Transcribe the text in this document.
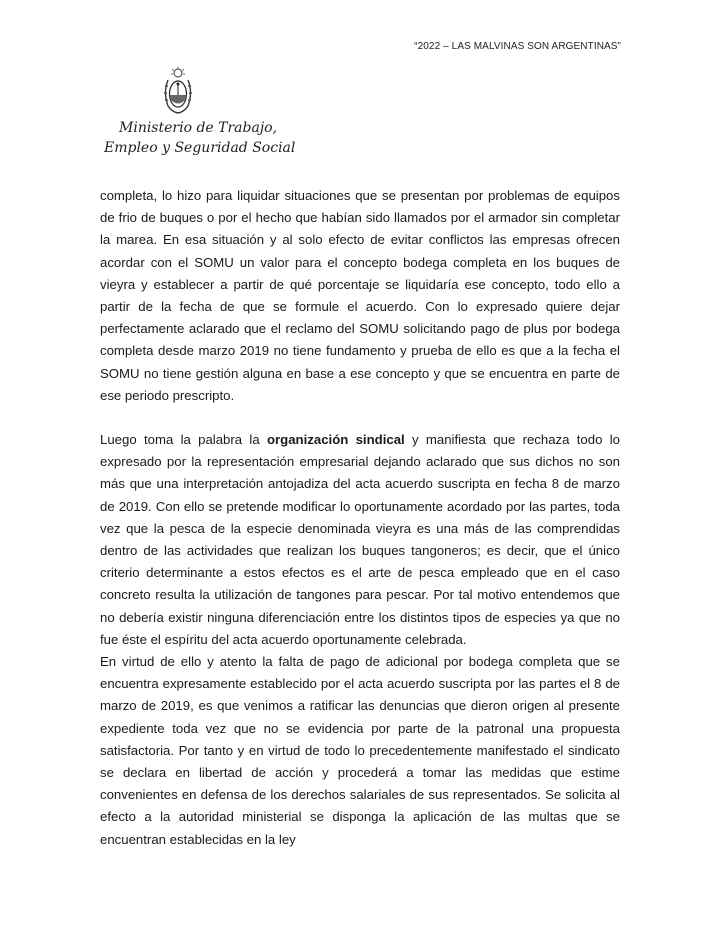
“2022 – LAS MALVINAS SON ARGENTINAS”
Ministerio de Trabajo,
Empleo y Seguridad Social

completa, lo hizo para liquidar situaciones que se presentan por problemas de equipos de frio de buques o por el hecho que habían sido llamados por el armador sin completar la marea. En esa situación y al solo efecto de evitar conflictos las empresas ofrecen acordar con el SOMU un valor para el concepto bodega completa en los buques de vieyra y establecer a partir de qué porcentaje se liquidaría ese concepto, todo ello a partir de la fecha de que se formule el acuerdo. Con lo expresado quiere dejar perfectamente aclarado que el reclamo del SOMU solicitando pago de plus por bodega completa desde marzo 2019 no tiene fundamento y prueba de ello es que a la fecha el SOMU no tiene gestión alguna en base a ese concepto y que se encuentra en parte de ese periodo prescripto.

Luego toma la palabra la organización sindical y manifiesta que rechaza todo lo expresado por la representación empresarial dejando aclarado que sus dichos no son más que una interpretación antojadiza del acta acuerdo suscripta en fecha 8 de marzo de 2019. Con ello se pretende modificar lo oportunamente acordado por las partes, toda vez que la pesca de la especie denominada vieyra es una más de las comprendidas dentro de las actividades que realizan los buques tangoneros; es decir, que el único criterio determinante a estos efectos es el arte de pesca empleado que en el caso concreto resulta la utilización de tangones para pescar. Por tal motivo entendemos que no debería existir ninguna diferenciación entre los distintos tipos de especies ya que no fue éste el espíritu del acta acuerdo oportunamente celebrada.

En virtud de ello y atento la falta de pago de adicional por bodega completa que se encuentra expresamente establecido por el acta acuerdo suscripta por las partes el 8 de marzo de 2019, es que venimos a ratificar las denuncias que dieron origen al presente expediente toda vez que no se evidencia por parte de la patronal una propuesta satisfactoria. Por tanto y en virtud de todo lo precedentemente manifestado el sindicato se declara en libertad de acción y procederá a tomar las medidas que estime convenientes en defensa de los derechos salariales de sus representados. Se solicita al efecto a la autoridad ministerial se disponga la aplicación de las multas que se encuentran establecidas en la ley
